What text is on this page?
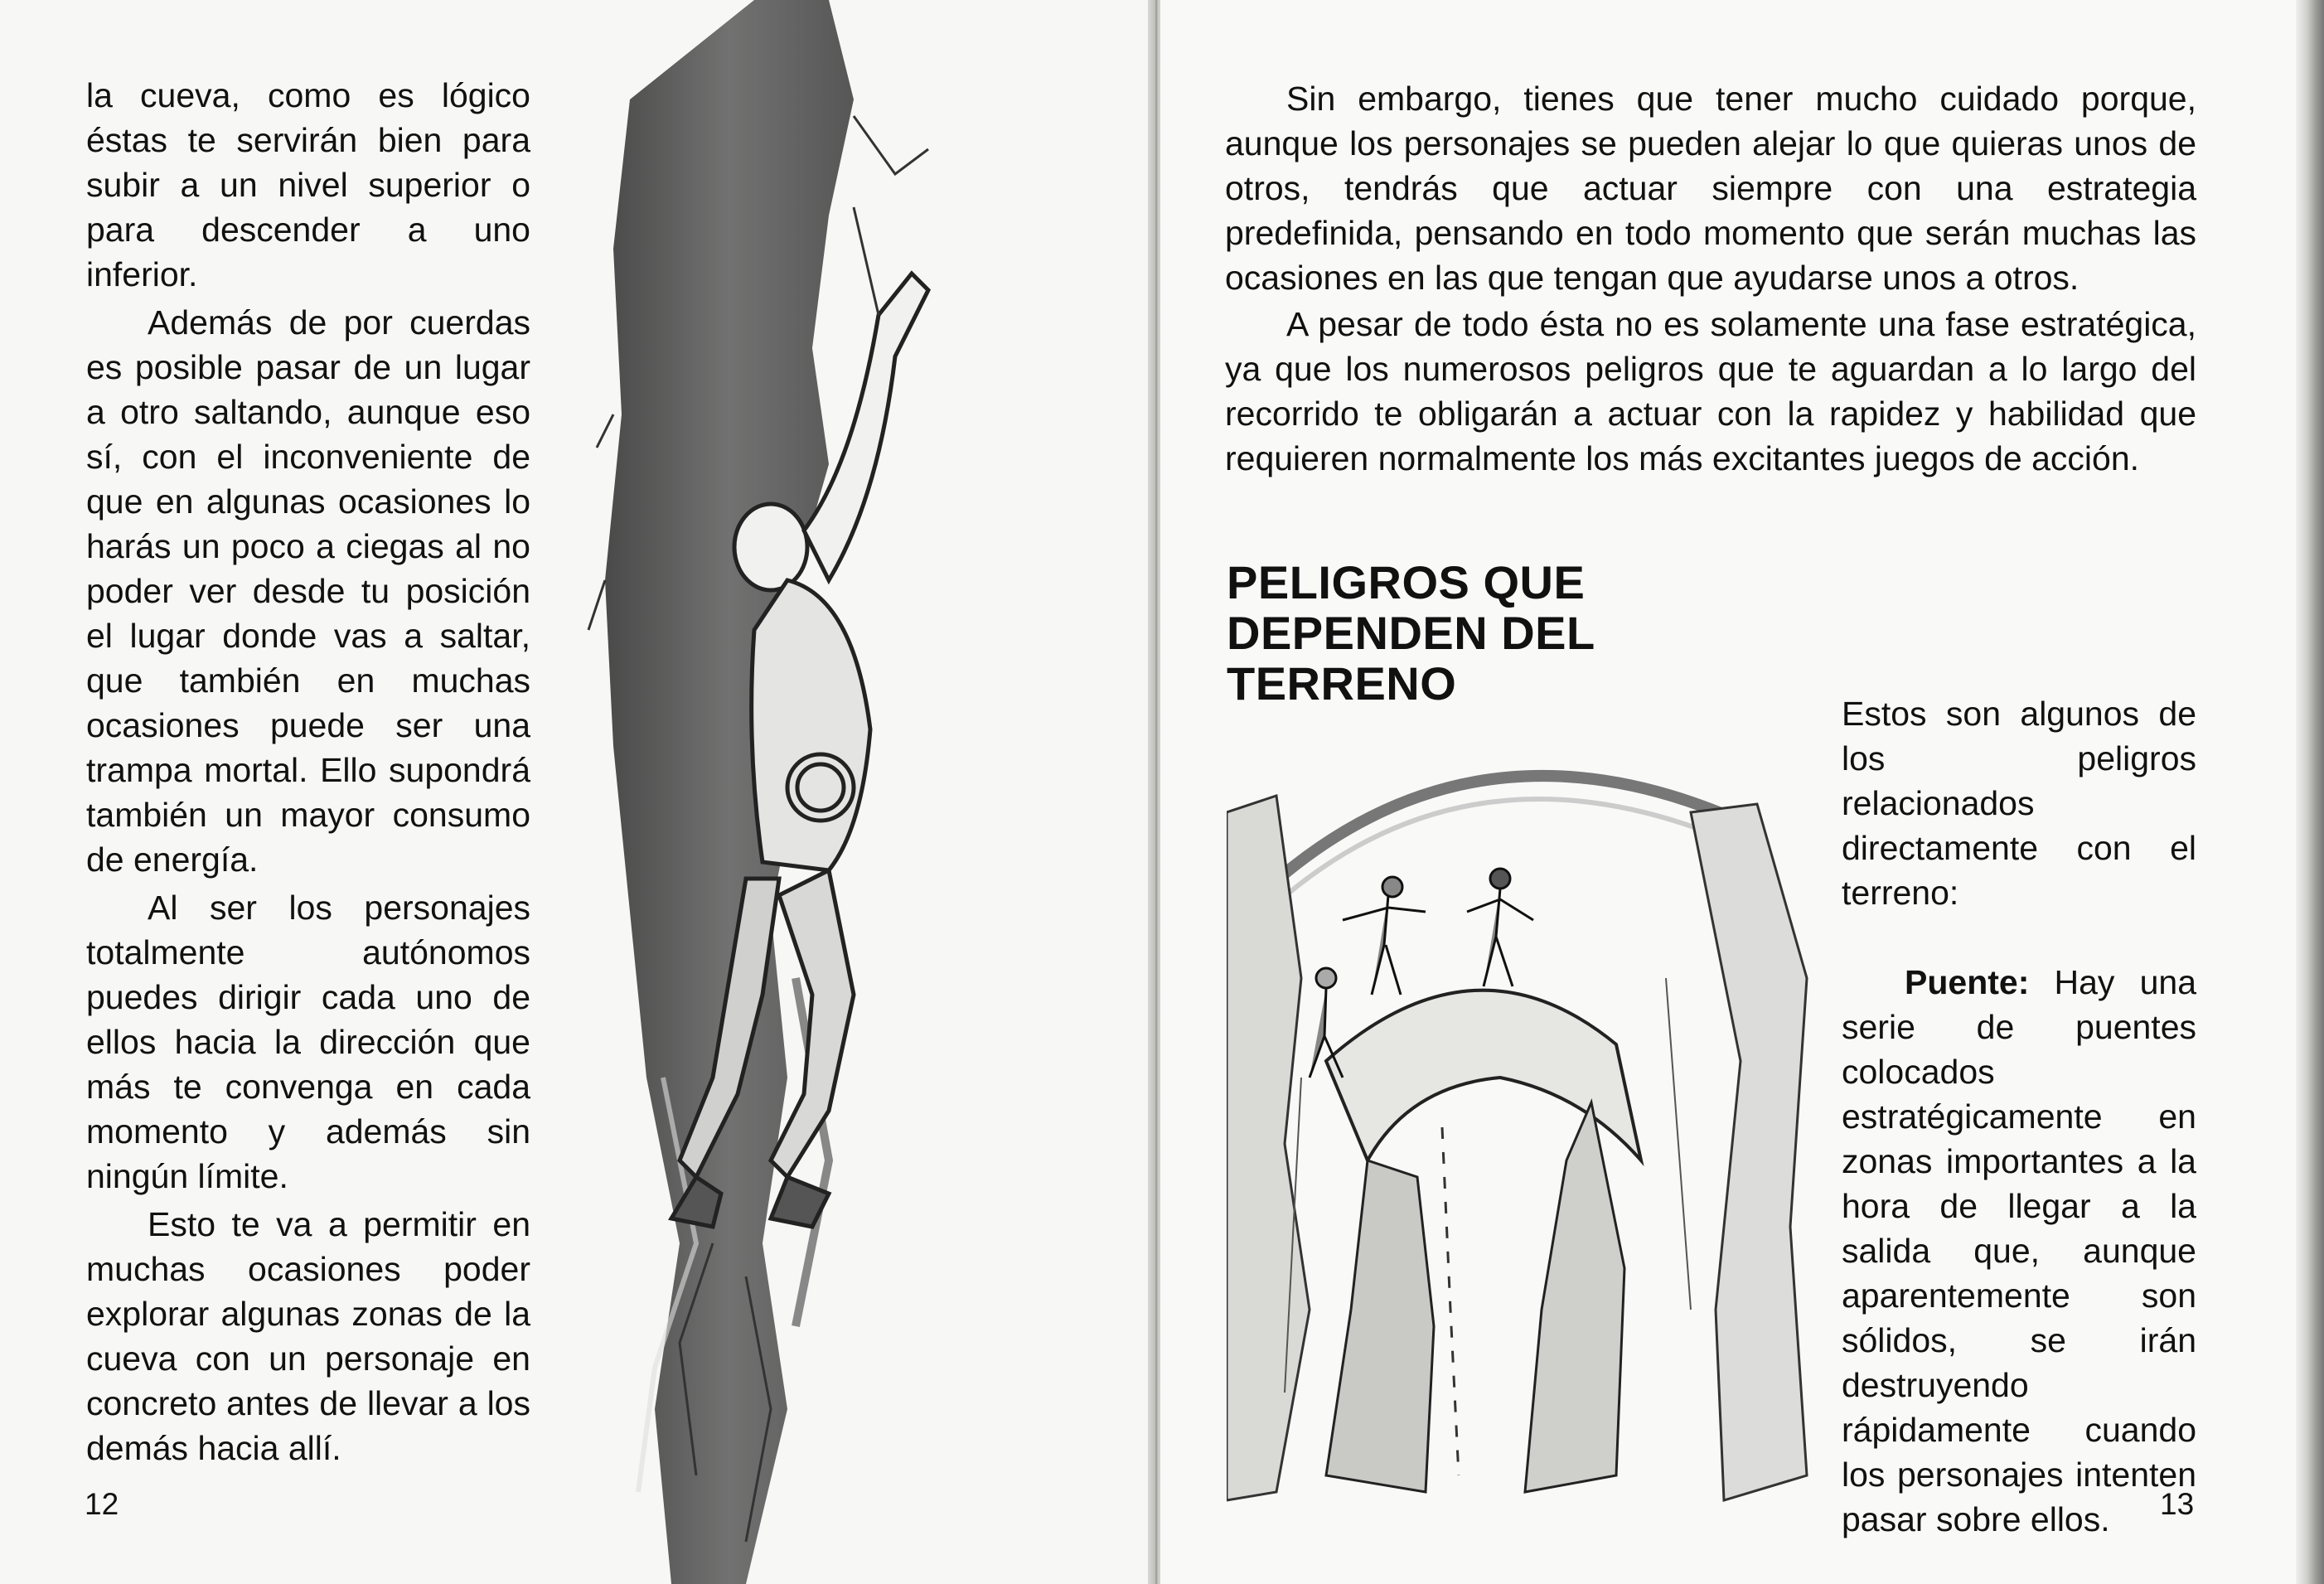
la cueva, como es lógico éstas te servirán bien para subir a un nivel superior o para descender a uno inferior.

Además de por cuerdas es posible pasar de un lugar a otro saltando, aunque eso sí, con el inconveniente de que en algunas ocasiones lo harás un poco a ciegas al no poder ver desde tu posición el lugar donde vas a saltar, que también en muchas ocasiones puede ser una trampa mortal. Ello supondrá también un mayor consumo de energía.

Al ser los personajes totalmente autónomos puedes dirigir cada uno de ellos hacia la dirección que más te convenga en cada momento y además sin ningún límite.

Esto te va a permitir en muchas ocasiones poder explorar algunas zonas de la cueva con un personaje en concreto antes de llevar a los demás hacia allí.

12

Sin embargo, tienes que tener mucho cuidado porque, aunque los personajes se pueden alejar lo que quieras unos de otros, tendrás que actuar siempre con una estrategia predefinida, pensando en todo momento que serán muchas las ocasiones en las que tengan que ayudarse unos a otros.

A pesar de todo ésta no es solamente una fase estratégica, ya que los numerosos peligros que te aguardan a lo largo del recorrido te obligarán a actuar con la rapidez y habilidad que requieren normalmente los más excitantes juegos de acción.

PELIGROS QUE DEPENDEN DEL
TERRENO

Estos son algunos de los peligros relacionados directamente con el terreno:

Puente: Hay una serie de puentes colocados estratégicamente en zonas importantes a la hora de llegar a la salida que, aunque aparentemente son sólidos, se irán destruyendo rápidamente cuando los personajes intenten pasar sobre ellos.	13
